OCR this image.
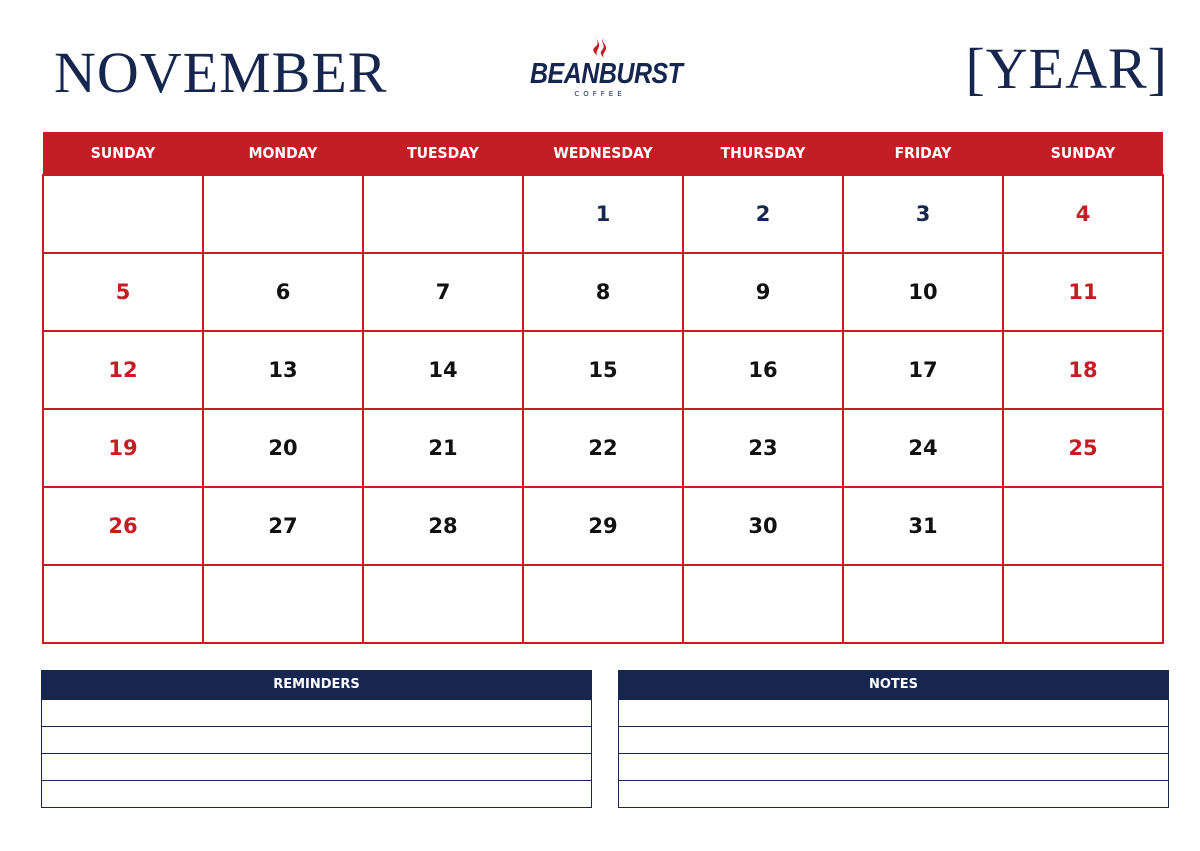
NOVEMBER	BEANBURST
COFFEE	[YEAR]
SUNDAY	MONDAY	TUESDAY	WEDNESDAY	THURSDAY	FRIDAY	SUNDAY
			1	2	3	4
5	6	7	8	9	10	11
12	13	14	15	16	17	18
19	20	21	22	23	24	25
26	27	28	29	30	31	

REMINDERS	NOTES
